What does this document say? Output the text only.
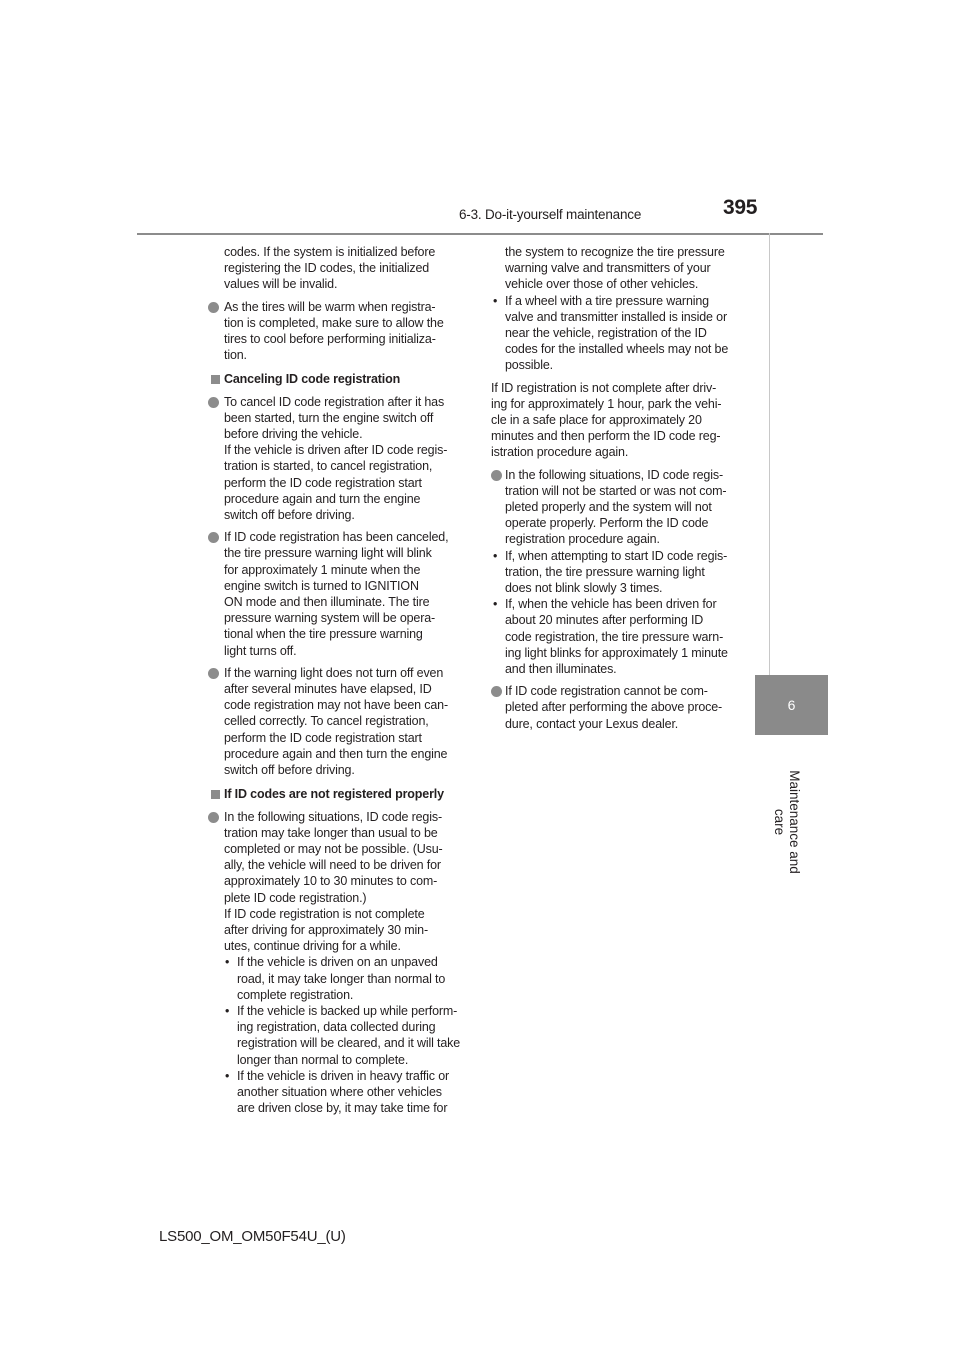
6-3. Do-it-yourself maintenance	395
6
Maintenance and care

codes. If the system is initialized before
registering the ID codes, the initialized
values will be invalid.

As the tires will be warm when registra-
tion is completed, make sure to allow the
tires to cool before performing initializa-
tion.

Canceling ID code registration

To cancel ID code registration after it has
been started, turn the engine switch off
before driving the vehicle.
If the vehicle is driven after ID code regis-
tration is started, to cancel registration,
perform the ID code registration start
procedure again and turn the engine
switch off before driving.

If ID code registration has been canceled,
the tire pressure warning light will blink
for approximately 1 minute when the
engine switch is turned to IGNITION
ON mode and then illuminate. The tire
pressure warning system will be opera-
tional when the tire pressure warning
light turns off.

If the warning light does not turn off even
after several minutes have elapsed, ID
code registration may not have been can-
celled correctly. To cancel registration,
perform the ID code registration start
procedure again and then turn the engine
switch off before driving.

If ID codes are not registered properly

In the following situations, ID code regis-
tration may take longer than usual to be
completed or may not be possible. (Usu-
ally, the vehicle will need to be driven for
approximately 10 to 30 minutes to com-
plete ID code registration.)
If ID code registration is not complete
after driving for approximately 30 min-
utes, continue driving for a while.

• If the vehicle is driven on an unpaved
road, it may take longer than normal to
complete registration.

• If the vehicle is backed up while perform-
ing registration, data collected during
registration will be cleared, and it will take
longer than normal to complete.

• If the vehicle is driven in heavy traffic or
another situation where other vehicles
are driven close by, it may take time for

the system to recognize the tire pressure
warning valve and transmitters of your
vehicle over those of other vehicles.

• If a wheel with a tire pressure warning
valve and transmitter installed is inside or
near the vehicle, registration of the ID
codes for the installed wheels may not be
possible.

If ID registration is not complete after driv-
ing for approximately 1 hour, park the vehi-
cle in a safe place for approximately 20
minutes and then perform the ID code reg-
istration procedure again.

In the following situations, ID code regis-
tration will not be started or was not com-
pleted properly and the system will not
operate properly. Perform the ID code
registration procedure again.

• If, when attempting to start ID code regis-
tration, the tire pressure warning light
does not blink slowly 3 times.

• If, when the vehicle has been driven for
about 20 minutes after performing ID
code registration, the tire pressure warn-
ing light blinks for approximately 1 minute
and then illuminates.

If ID code registration cannot be com-
pleted after performing the above proce-
dure, contact your Lexus dealer.

LS500_OM_OM50F54U_(U)
